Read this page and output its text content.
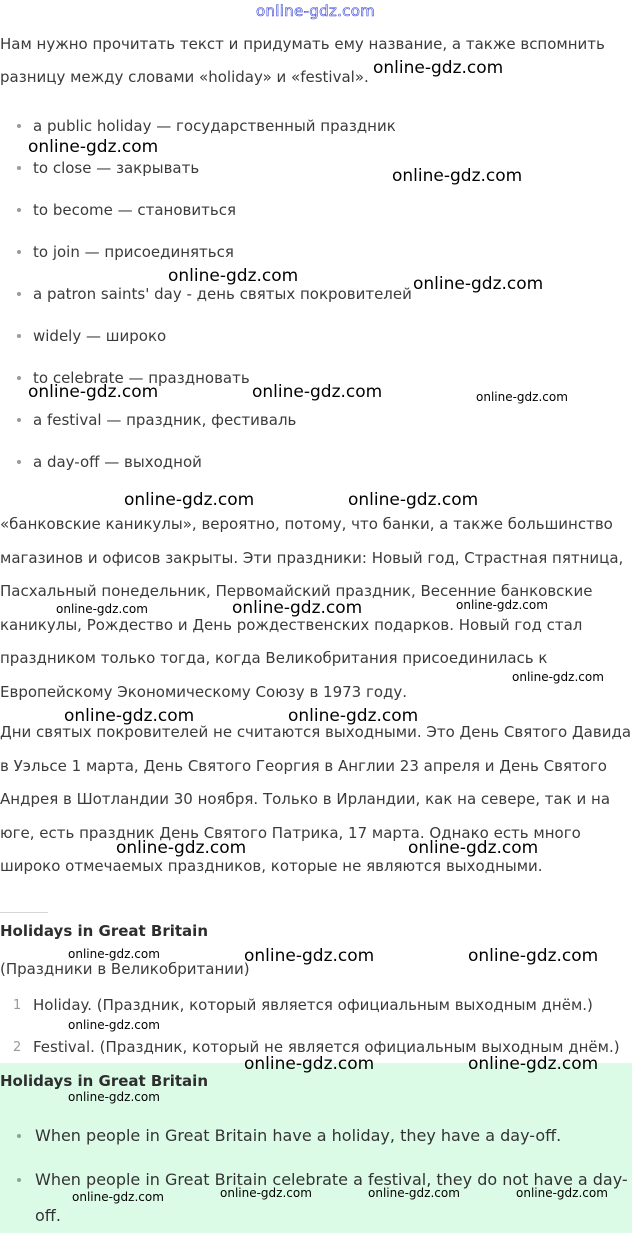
online-gdz.com

Нам нужно прочитать текст и придумать ему название, а также вспомнить разницу между словами «holiday» и «festival».

a public holiday — государственный праздник
to close — закрывать
to become — становиться
to join — присоединяться
a patron saints' day - день святых покровителей
widely — широко
to celebrate — праздновать
a festival — праздник, фестиваль
a day-off — выходной

«банковские каникулы», вероятно, потому, что банки, а также большинство магазинов и офисов закрыты. Эти праздники: Новый год, Страстная пятница, Пасхальный понедельник, Первомайский праздник, Весенние банковские каникулы, Рождество и День рождественских подарков. Новый год стал праздником только тогда, когда Великобритания присоединилась к Европейскому Экономическому Союзу в 1973 году.

Дни святых покровителей не считаются выходными. Это День Святого Давида в Уэльсе 1 марта, День Святого Георгия в Англии 23 апреля и День Святого Андрея в Шотландии 30 ноября. Только в Ирландии, как на севере, так и на юге, есть праздник День Святого Патрика, 17 марта. Однако есть много широко отмечаемых праздников, которые не являются выходными.

Holidays in Great Britain
(Праздники в Великобритании)
1 Holiday. (Праздник, который является официальным выходным днём.)
2 Festival. (Праздник, который не является официальным выходным днём.)
Holidays in Great Britain
When people in Great Britain have a holiday, they have a day-off.
When people in Great Britain celebrate a festival, they do not have a day-off.
online-gdz.com
online-gdz.com
online-gdz.com
online-gdz.com	online-gdz.com
online-gdz.com	online-gdz.com	online-gdz.com
online-gdz.com	online-gdz.com
online-gdz.com	online-gdz.com	online-gdz.com
online-gdz.com
online-gdz.com	online-gdz.com
online-gdz.com	online-gdz.com
online-gdz.com	online-gdz.com	online-gdz.com
online-gdz.com
online-gdz.com	online-gdz.com
online-gdz.com
online-gdz.com	online-gdz.com	online-gdz.com	online-gdz.com
